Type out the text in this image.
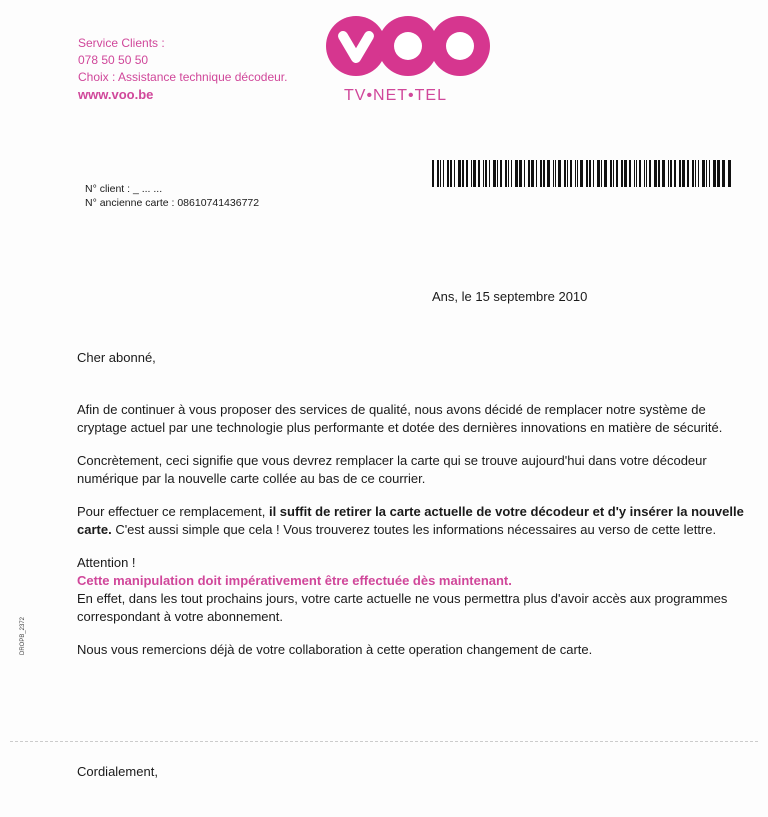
Service Clients :
078 50 50 50
Choix : Assistance technique décodeur.
www.voo.be	TV•NET•TEL
N° client : _ ... ...
N° ancienne carte : 08610741436772
Ans, le 15 septembre 2010
Cher abonné,
Afin de continuer à vous proposer des services de qualité, nous avons décidé de remplacer notre système de cryptage actuel par une technologie plus performante et dotée des dernières innovations en matière de sécurité.
Concrètement, ceci signifie que vous devrez remplacer la carte qui se trouve aujourd'hui dans votre décodeur numérique par la nouvelle carte collée au bas de ce courrier.
Pour effectuer ce remplacement, il suffit de retirer la carte actuelle de votre décodeur et d'y insérer la nouvelle carte. C'est aussi simple que cela ! Vous trouverez toutes les informations nécessaires au verso de cette lettre.
Attention !
Cette manipulation doit impérativement être effectuée dès maintenant.
En effet, dans les tout prochains jours, votre carte actuelle ne vous permettra plus d'avoir accès aux programmes correspondant à votre abonnement.
Nous vous remercions déjà de votre collaboration à cette operation changement de carte.
DROPB_2372
Cordialement,
